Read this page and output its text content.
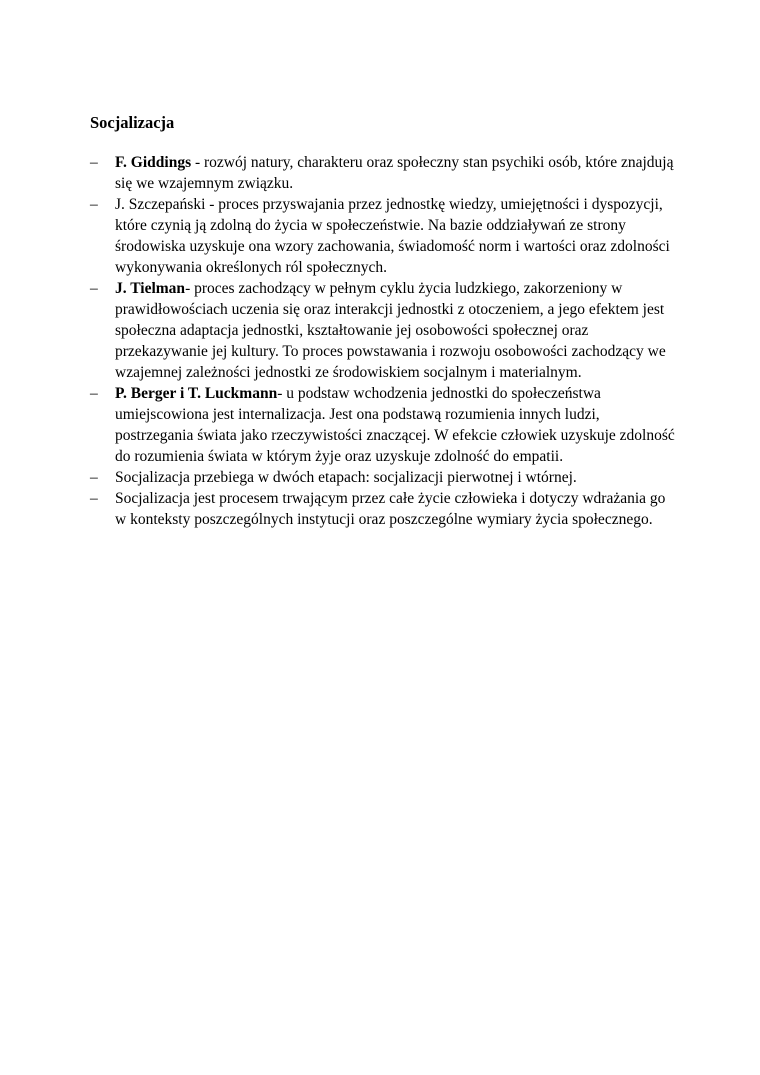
Socjalizacja
–	F. Giddings - rozwój natury, charakteru oraz społeczny stan psychiki osób, które znajdują się we wzajemnym związku.
–	J. Szczepański - proces przyswajania przez jednostkę wiedzy, umiejętności i dyspozycji, które czynią ją zdolną do życia w społeczeństwie. Na bazie oddziaływań ze strony środowiska uzyskuje ona wzory zachowania, świadomość norm i wartości oraz zdolności wykonywania określonych ról społecznych.
–	J. Tielman- proces zachodzący w pełnym cyklu życia ludzkiego, zakorzeniony w prawidłowościach uczenia się oraz interakcji jednostki z otoczeniem, a jego efektem jest społeczna adaptacja jednostki, kształtowanie jej osobowości społecznej oraz przekazywanie jej kultury. To proces powstawania i rozwoju osobowości zachodzący we wzajemnej zależności jednostki ze środowiskiem socjalnym i materialnym.
–	P. Berger i T. Luckmann- u podstaw wchodzenia jednostki do społeczeństwa umiejscowiona jest internalizacja. Jest ona podstawą rozumienia innych ludzi, postrzegania świata jako rzeczywistości znaczącej. W efekcie człowiek uzyskuje zdolność do rozumienia świata w którym żyje oraz uzyskuje zdolność do empatii.
–	Socjalizacja przebiega w dwóch etapach: socjalizacji pierwotnej i wtórnej.
–	Socjalizacja jest procesem trwającym przez całe życie człowieka i dotyczy wdrażania go w konteksty poszczególnych instytucji oraz poszczególne wymiary życia społecznego.
